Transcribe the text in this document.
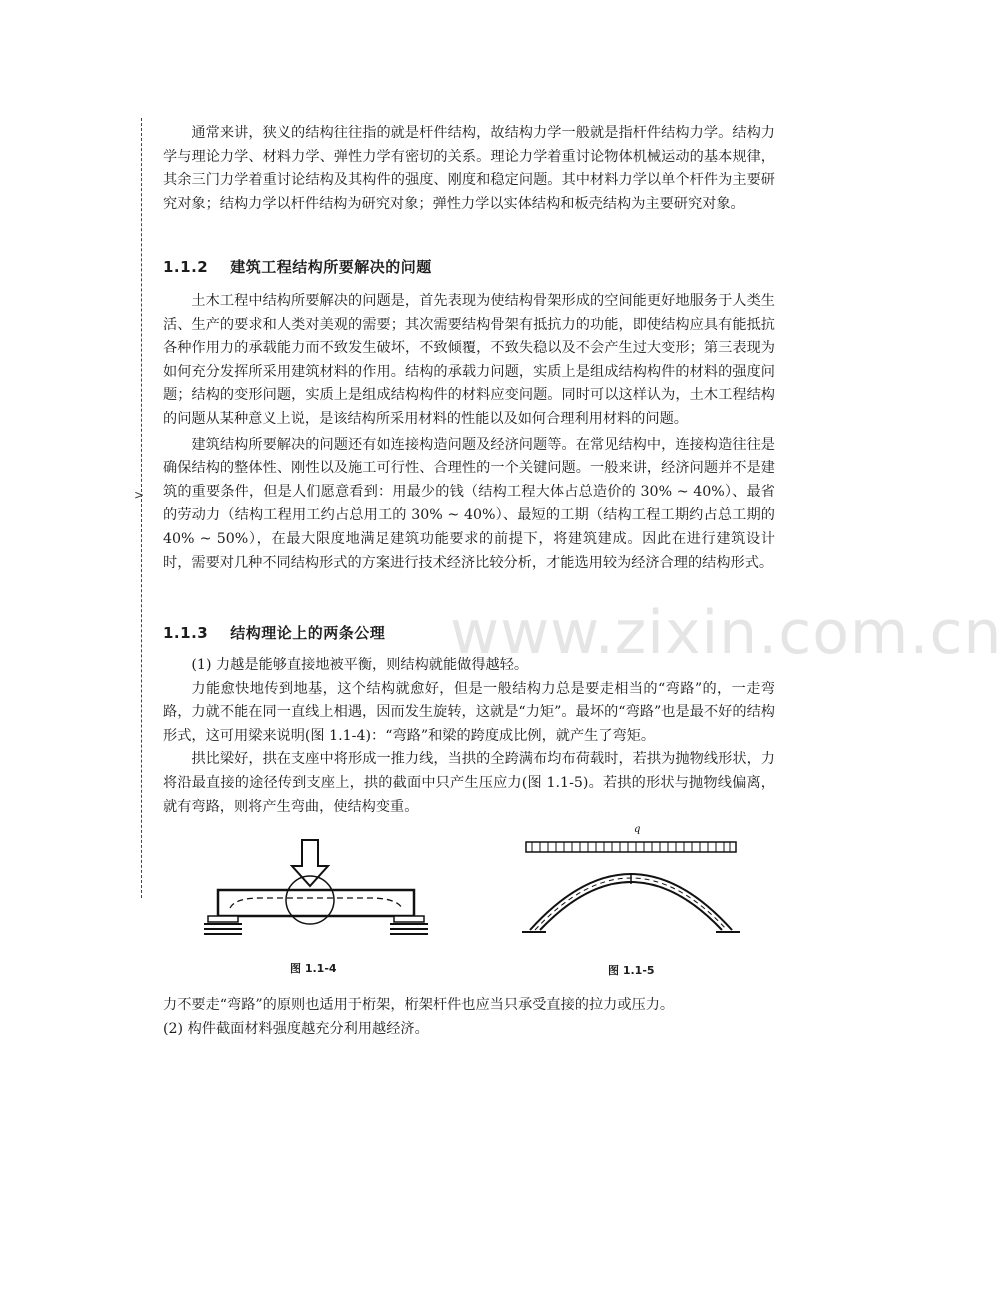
>

通常来讲，狭义的结构往往指的就是杆件结构，故结构力学一般就是指杆件结构力学。结构力学与理论力学、材料力学、弹性力学有密切的关系。理论力学着重讨论物体机械运动的基本规律，其余三门力学着重讨论结构及其构件的强度、刚度和稳定问题。其中材料力学以单个杆件为主要研究对象；结构力学以杆件结构为研究对象；弹性力学以实体结构和板壳结构为主要研究对象。

1.1.2 建筑工程结构所要解决的问题

土木工程中结构所要解决的问题是，首先表现为使结构骨架形成的空间能更好地服务于人类生活、生产的要求和人类对美观的需要；其次需要结构骨架有抵抗力的功能，即使结构应具有能抵抗各种作用力的承载能力而不致发生破坏，不致倾覆，不致失稳以及不会产生过大变形；第三表现为如何充分发挥所采用建筑材料的作用。结构的承载力问题，实质上是组成结构构件的材料的强度问题；结构的变形问题，实质上是组成结构构件的材料应变问题。同时可以这样认为，土木工程结构的问题从某种意义上说，是该结构所采用材料的性能以及如何合理利用材料的问题。

建筑结构所要解决的问题还有如连接构造问题及经济问题等。在常见结构中，连接构造往往是确保结构的整体性、刚性以及施工可行性、合理性的一个关键问题。一般来讲，经济问题并不是建筑的重要条件，但是人们愿意看到：用最少的钱（结构工程大体占总造价的 30% ~ 40%）、最省的劳动力（结构工程用工约占总用工的 30% ~ 40%）、最短的工期（结构工程工期约占总工期的 40% ~ 50%），在最大限度地满足建筑功能要求的前提下，将建筑建成。因此在进行建筑设计时，需要对几种不同结构形式的方案进行技术经济比较分析，才能选用较为经济合理的结构形式。

1.1.3 结构理论上的两条公理

(1) 力越是能够直接地被平衡，则结构就能做得越轻。

力能愈快地传到地基，这个结构就愈好，但是一般结构力总是要走相当的“弯路”的，一走弯路，力就不能在同一直线上相遇，因而发生旋转，这就是“力矩”。最坏的“弯路”也是最不好的结构形式，这可用梁来说明(图 1.1-4)：“弯路”和梁的跨度成比例，就产生了弯矩。

拱比梁好，拱在支座中将形成一推力线，当拱的全跨满布均布荷载时，若拱为抛物线形状，力将沿最直接的途径传到支座上，拱的截面中只产生压应力(图 1.1-5)。若拱的形状与抛物线偏离，就有弯路，则将产生弯曲，使结构变重。

www.zixin.com.cn
图 1.1-4
q
图 1.1-5

力不要走“弯路”的原则也适用于桁架，桁架杆件也应当只承受直接的拉力或压力。

(2) 构件截面材料强度越充分利用越经济。
